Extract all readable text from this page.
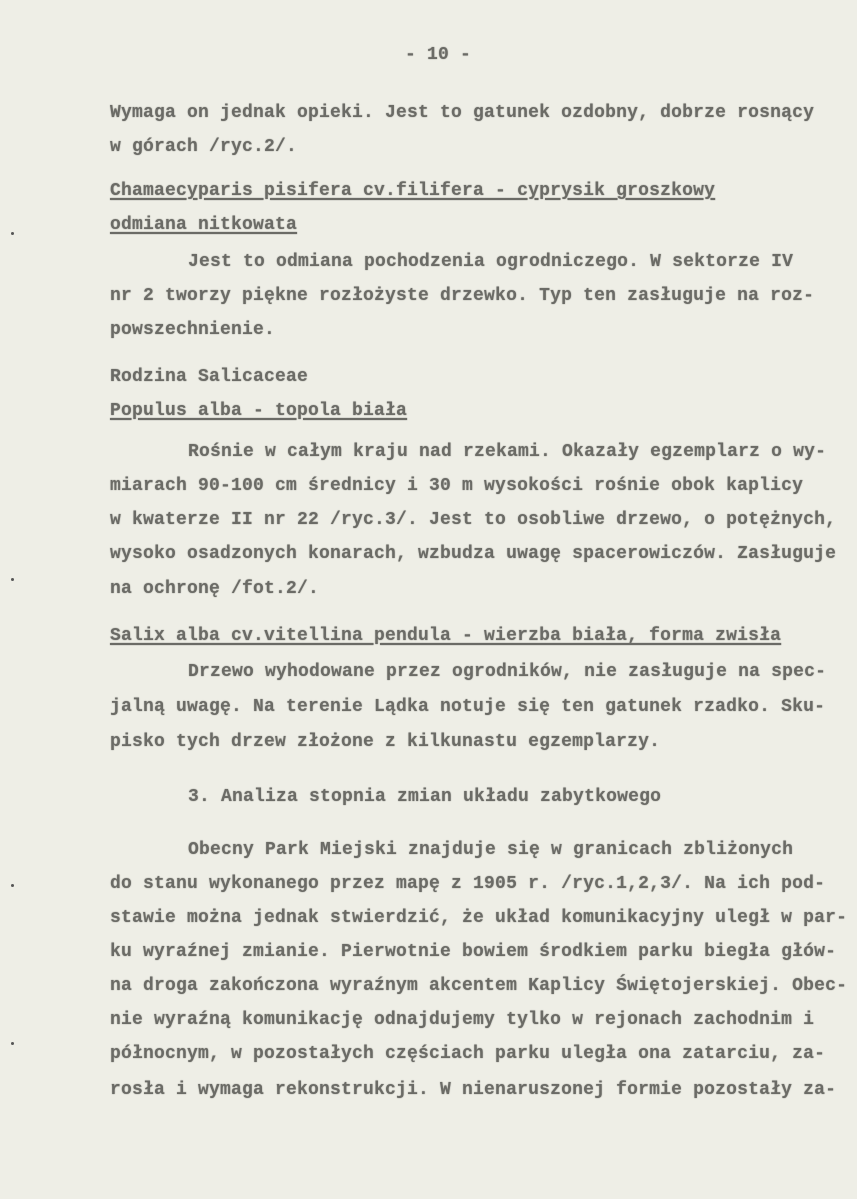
- 10 -
Wymaga on jednak opieki. Jest to gatunek ozdobny, dobrze rosnący
w górach /ryc.2/.
Chamaecyparis pisifera cv.filifera - cyprysik groszkowy
odmiana nitkowata
Jest to odmiana pochodzenia ogrodniczego. W sektorze IV
nr 2 tworzy piękne rozłożyste drzewko. Typ ten zasługuje na roz-
powszechnienie.
Rodzina Salicaceae
Populus alba - topola biała
Rośnie w całym kraju nad rzekami. Okazały egzemplarz o wy-
miarach 90-100 cm średnicy i 30 m wysokości rośnie obok kaplicy
w kwaterze II nr 22 /ryc.3/. Jest to osobliwe drzewo, o potężnych,
wysoko osadzonych konarach, wzbudza uwagę spacerowiczów. Zasługuje
na ochronę /fot.2/.
Salix alba cv.vitellina pendula - wierzba biała, forma zwisła
Drzewo wyhodowane przez ogrodników, nie zasługuje na spec-
jalną uwagę. Na terenie Lądka notuje się ten gatunek rzadko. Sku-
pisko tych drzew złożone z kilkunastu egzemplarzy.
3. Analiza stopnia zmian układu zabytkowego
Obecny Park Miejski znajduje się w granicach zbliżonych
do stanu wykonanego przez mapę z 1905 r. /ryc.1,2,3/. Na ich pod-
stawie można jednak stwierdzić, że układ komunikacyjny uległ w par-
ku wyraźnej zmianie. Pierwotnie bowiem środkiem parku biegła głów-
na droga zakończona wyraźnym akcentem Kaplicy Świętojerskiej. Obec-
nie wyraźną komunikację odnajdujemy tylko w rejonach zachodnim i
północnym, w pozostałych częściach parku uległa ona zatarciu, za-
rosła i wymaga rekonstrukcji. W nienaruszonej formie pozostały za-
